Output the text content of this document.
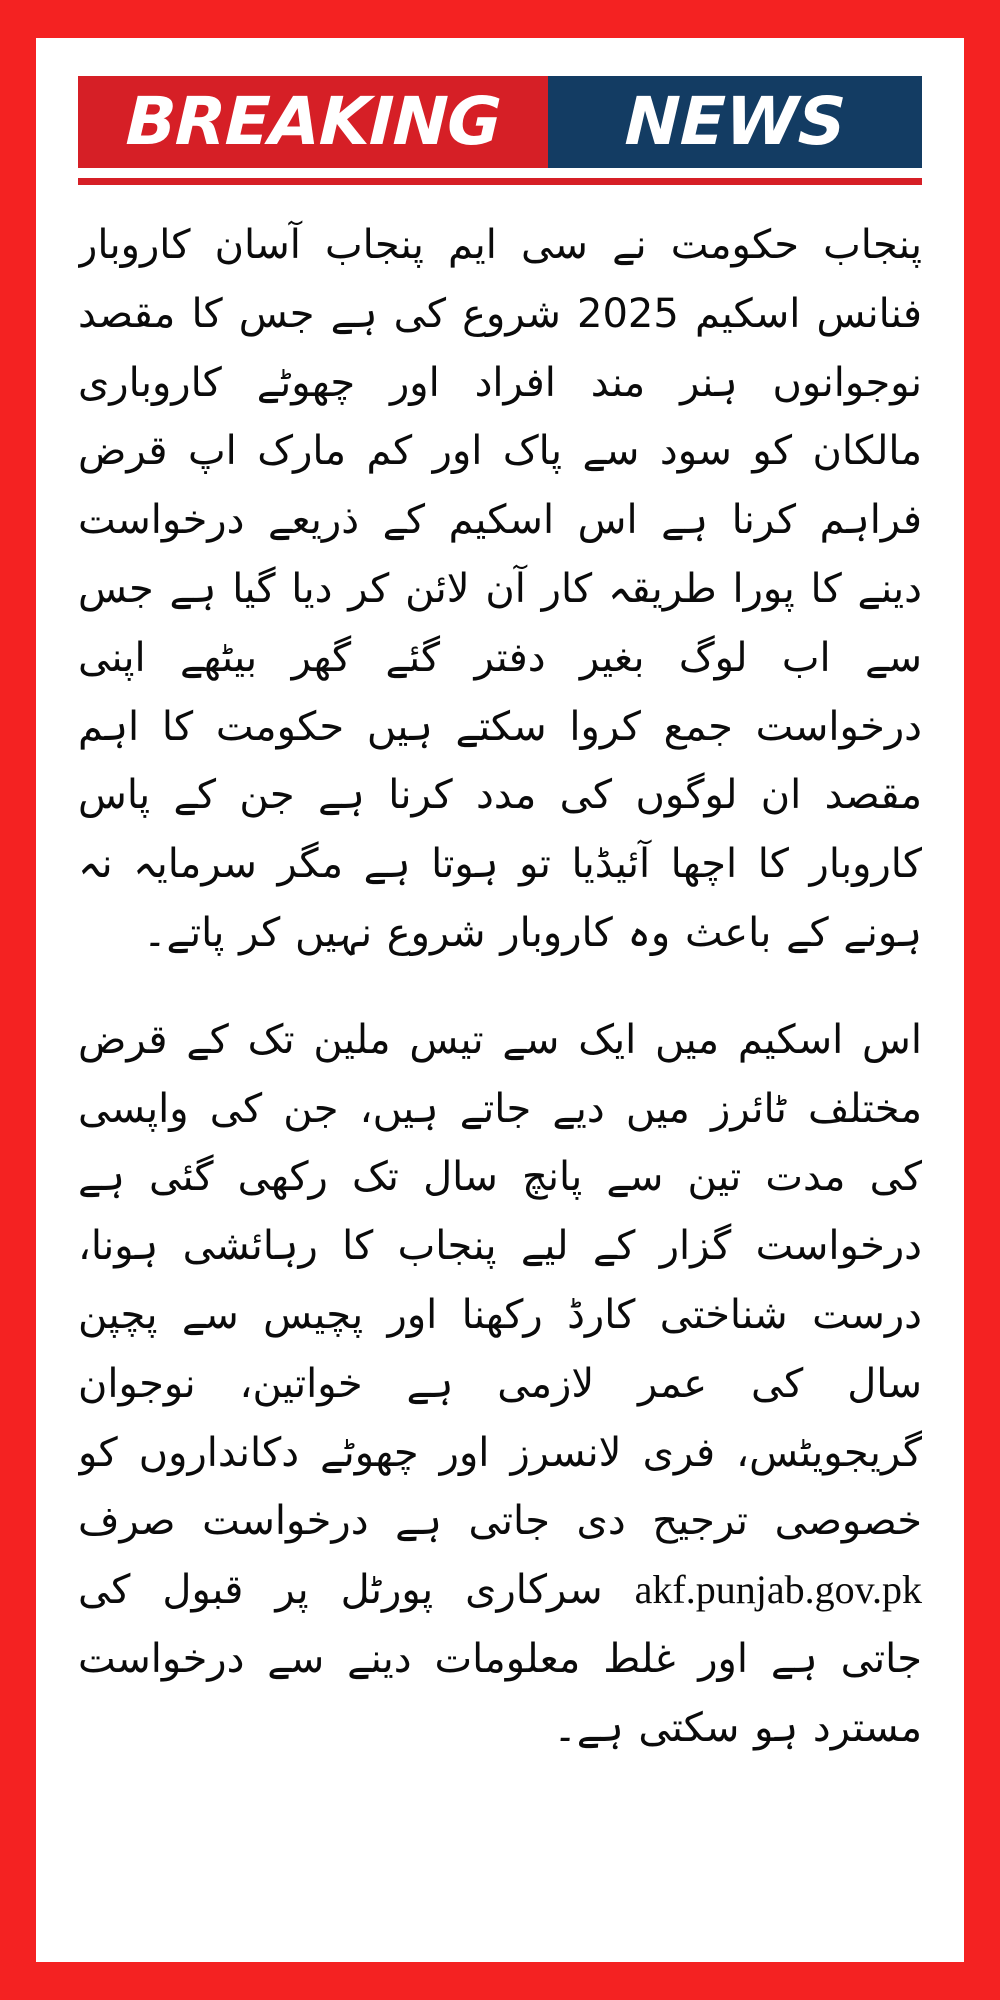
BREAKING NEWS

پنجاب حکومت نے سی ایم پنجاب آسان کاروبار فنانس اسکیم 2025 شروع کی ہے جس کا مقصد نوجوانوں ہنر مند افراد اور چھوٹے کاروباری مالکان کو سود سے پاک اور کم مارک اپ قرض فراہم کرنا ہے اس اسکیم کے ذریعے درخواست دینے کا پورا طریقہ کار آن لائن کر دیا گیا ہے جس سے اب لوگ بغیر دفتر گئے گھر بیٹھے اپنی درخواست جمع کروا سکتے ہیں حکومت کا اہم مقصد ان لوگوں کی مدد کرنا ہے جن کے پاس کاروبار کا اچھا آئیڈیا تو ہوتا ہے مگر سرمایہ نہ ہونے کے باعث وہ کاروبار شروع نہیں کر پاتے۔

اس اسکیم میں ایک سے تیس ملین تک کے قرض مختلف ٹائرز میں دیے جاتے ہیں، جن کی واپسی کی مدت تین سے پانچ سال تک رکھی گئی ہے درخواست گزار کے لیے پنجاب کا رہائشی ہونا، درست شناختی کارڈ رکھنا اور پچیس سے پچپن سال کی عمر لازمی ہے خواتین، نوجوان گریجویٹس، فری لانسرز اور چھوٹے دکانداروں کو خصوصی ترجیح دی جاتی ہے درخواست صرف akf.punjab.gov.pk سرکاری پورٹل پر قبول کی جاتی ہے اور غلط معلومات دینے سے درخواست مسترد ہو سکتی ہے۔
